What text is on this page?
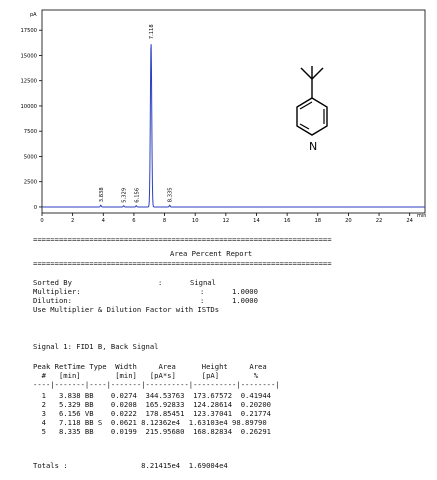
0
2500
5000
7500
10000
12500
15000
17500
0	2	4	6	8	10	12	14	16	18	20	22	24
pA
min
3.838	5.329 6.156
7.118
8.335
N
=====================================================================
Area Percent Report
=====================================================================
Sorted By	:	Signal
Multiplier:	:	1.0000
Dilution:	:	1.0000
Use Multiplier & Dilution Factor with ISTDs
Signal 1: FID1 B, Back Signal
Peak RetTime Type  Width     Area      Height     Area
#   [min]        [min]   [pA*s]      [pA]        %
----|-------|----|-------|----------|----------|--------|
1   3.838 BB    0.0274  344.53763  173.67572  0.41944
2   5.329 BB    0.0208  165.92833  124.28614  0.20200
3   6.156 VB    0.0222  178.85451  123.37041  0.21774
4   7.118 BB S  0.0621 8.12362e4  1.63103e4 98.89790
5   8.335 BB    0.0199  215.95680  168.82834  0.26291
Totals :                 8.21415e4  1.69004e4
